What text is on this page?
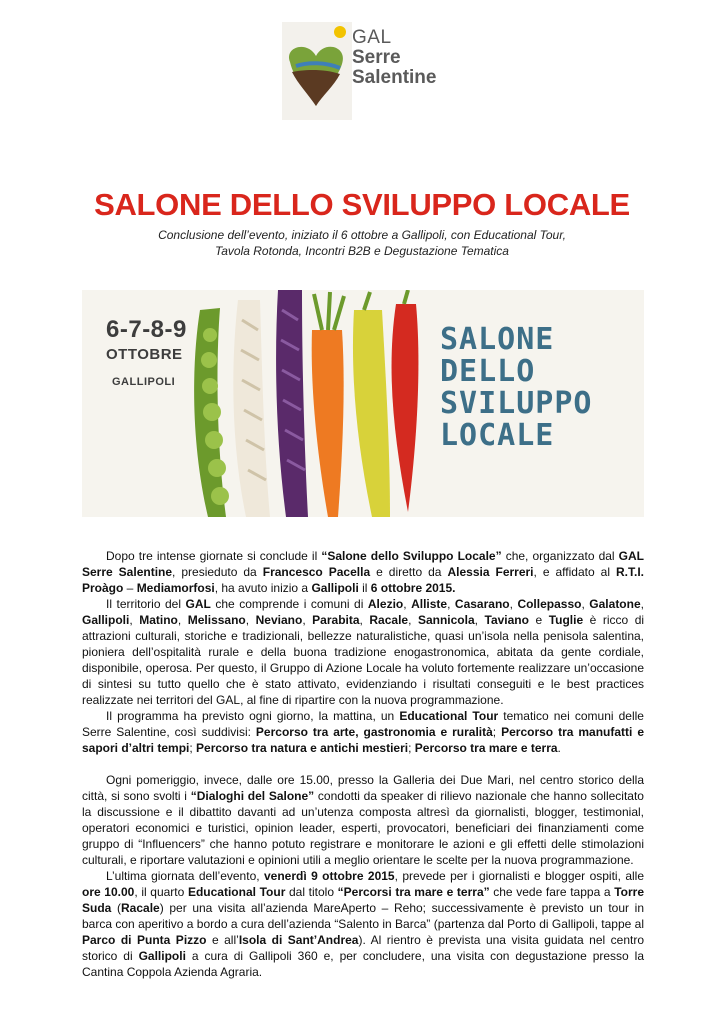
GAL
Serre
Salentine
SALONE DELLO SVILUPPO LOCALE
Conclusione dell’evento, iniziato il 6 ottobre a Gallipoli, con Educational Tour,
Tavola Rotonda, Incontri B2B e Degustazione Tematica
6-7-8-9
OTTOBRE
GALLIPOLI
SALONE
DELLO
SVILUPPO
LOCALE

Dopo tre intense giornate si conclude il “Salone dello Sviluppo Locale” che, organizzato dal GAL Serre Salentine, presieduto da Francesco Pacella e diretto da Alessia Ferreri, e affidato al R.T.I. Proàgo – Mediamorfosi, ha avuto inizio a Gallipoli il 6 ottobre 2015.

Il territorio del GAL che comprende i comuni di Alezio, Alliste, Casarano, Collepasso, Galatone, Gallipoli, Matino, Melissano, Neviano, Parabita, Racale, Sannicola, Taviano e Tuglie è ricco di attrazioni culturali, storiche e tradizionali, bellezze naturalistiche, quasi un’isola nella penisola salentina, pioniera dell’ospitalità rurale e della buona tradizione enogastronomica, abitata da gente cordiale, disponibile, operosa. Per questo, il Gruppo di Azione Locale ha voluto fortemente realizzare un’occasione di sintesi su tutto quello che è stato attivato, evidenziando i risultati conseguiti e le best practices realizzate nei territori del GAL, al fine di ripartire con la nuova programmazione.

Il programma ha previsto ogni giorno, la mattina, un Educational Tour tematico nei comuni delle Serre Salentine, così suddivisi: Percorso tra arte, gastronomia e ruralità; Percorso tra manufatti e sapori d’altri tempi; Percorso tra natura e antichi mestieri; Percorso tra mare e terra.

Ogni pomeriggio, invece, dalle ore 15.00, presso la Galleria dei Due Mari, nel centro storico della città, si sono svolti i “Dialoghi del Salone” condotti da speaker di rilievo nazionale che hanno sollecitato la discussione e il dibattito davanti ad un’utenza composta altresì da giornalisti, blogger, testimonial, operatori economici e turistici, opinion leader, esperti, provocatori, beneficiari dei finanziamenti come gruppo di “Influencers” che hanno potuto registrare e monitorare le azioni e gli effetti delle stimolazioni culturali, e riportare valutazioni e opinioni utili a meglio orientare le scelte per la nuova programmazione.

L’ultima giornata dell’evento, venerdì 9 ottobre 2015, prevede per i giornalisti e blogger ospiti, alle ore 10.00, il quarto Educational Tour dal titolo “Percorsi tra mare e terra” che vede fare tappa a Torre Suda (Racale) per una visita all’azienda MareAperto – Reho; successivamente è previsto un tour in barca con aperitivo a bordo a cura dell’azienda “Salento in Barca” (partenza dal Porto di Gallipoli, tappe al Parco di Punta Pizzo e all’Isola di Sant’Andrea). Al rientro è prevista una visita guidata nel centro storico di Gallipoli a cura di Gallipoli 360 e, per concludere, una visita con degustazione presso la Cantina Coppola Azienda Agraria.
